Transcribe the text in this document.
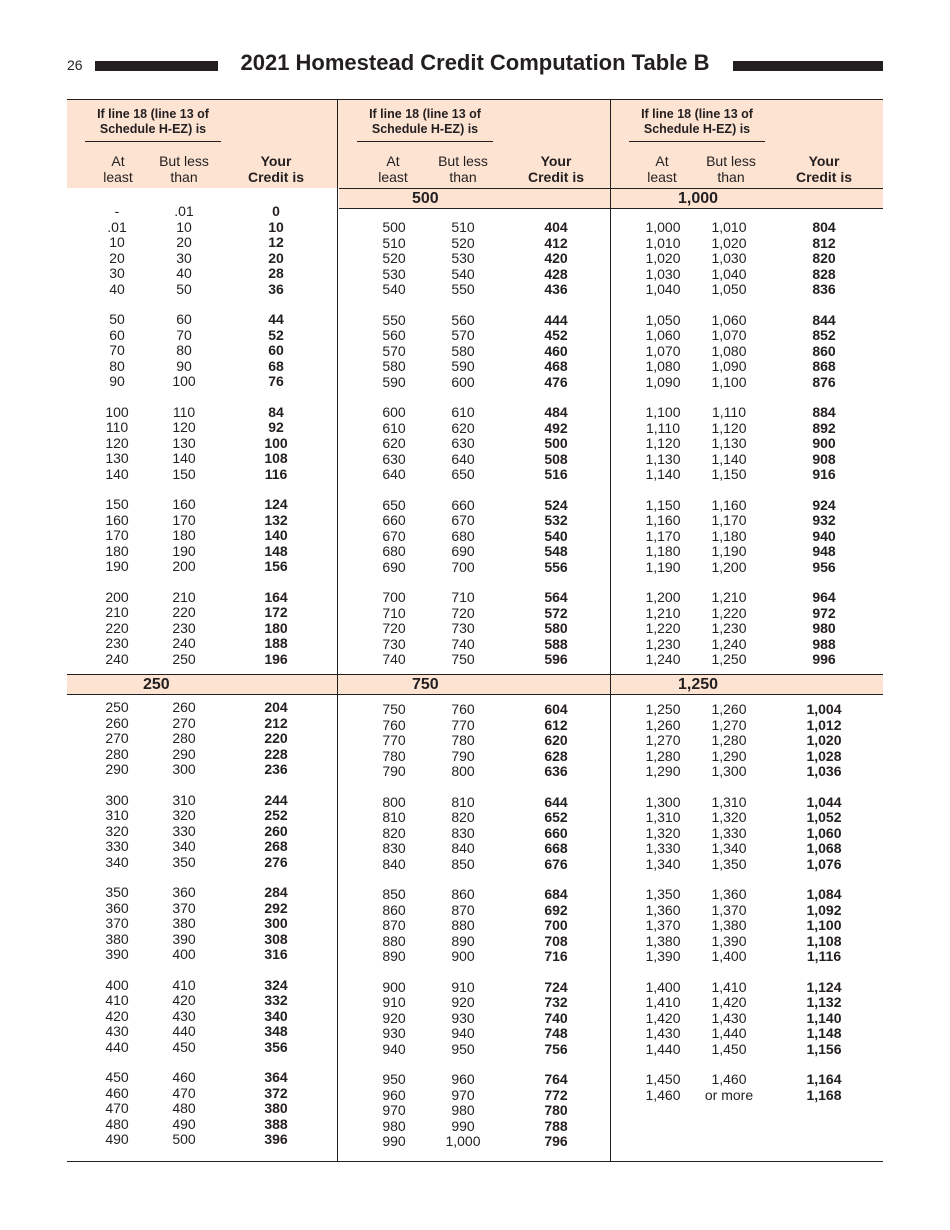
26	2021 Homestead Credit Computation Table B
If line 18 (line 13 of Schedule H-EZ) is
At
least
But less
than
Your
Credit is
250
-	.01	0
.01	10	10
10	20	12
20	30	20
30	40	28
40	50	36
50	60	44
60	70	52
70	80	60
80	90	68
90	100	76
100	110	84
110	120	92
120	130	100
130	140	108
140	150	116
150	160	124
160	170	132
170	180	140
180	190	148
190	200	156
200	210	164
210	220	172
220	230	180
230	240	188
240	250	196
250	260	204
260	270	212
270	280	220
280	290	228
290	300	236
300	310	244
310	320	252
320	330	260
330	340	268
340	350	276
350	360	284
360	370	292
370	380	300
380	390	308
390	400	316
400	410	324
410	420	332
420	430	340
430	440	348
440	450	356
450	460	364
460	470	372
470	480	380
480	490	388
490	500	396
If line 18 (line 13 of Schedule H-EZ) is
At
least
But less
than
Your
Credit is
500
750
500	510	404
510	520	412
520	530	420
530	540	428
540	550	436
550	560	444
560	570	452
570	580	460
580	590	468
590	600	476
600	610	484
610	620	492
620	630	500
630	640	508
640	650	516
650	660	524
660	670	532
670	680	540
680	690	548
690	700	556
700	710	564
710	720	572
720	730	580
730	740	588
740	750	596
750	760	604
760	770	612
770	780	620
780	790	628
790	800	636
800	810	644
810	820	652
820	830	660
830	840	668
840	850	676
850	860	684
860	870	692
870	880	700
880	890	708
890	900	716
900	910	724
910	920	732
920	930	740
930	940	748
940	950	756
950	960	764
960	970	772
970	980	780
980	990	788
990	1,000	796
If line 18 (line 13 of Schedule H-EZ) is
At
least
But less
than
Your
Credit is
1,000
1,250
1,000	1,010	804
1,010	1,020	812
1,020	1,030	820
1,030	1,040	828
1,040	1,050	836
1,050	1,060	844
1,060	1,070	852
1,070	1,080	860
1,080	1,090	868
1,090	1,100	876
1,100	1,110	884
1,110	1,120	892
1,120	1,130	900
1,130	1,140	908
1,140	1,150	916
1,150	1,160	924
1,160	1,170	932
1,170	1,180	940
1,180	1,190	948
1,190	1,200	956
1,200	1,210	964
1,210	1,220	972
1,220	1,230	980
1,230	1,240	988
1,240	1,250	996
1,250	1,260	1,004
1,260	1,270	1,012
1,270	1,280	1,020
1,280	1,290	1,028
1,290	1,300	1,036
1,300	1,310	1,044
1,310	1,320	1,052
1,320	1,330	1,060
1,330	1,340	1,068
1,340	1,350	1,076
1,350	1,360	1,084
1,360	1,370	1,092
1,370	1,380	1,100
1,380	1,390	1,108
1,390	1,400	1,116
1,400	1,410	1,124
1,410	1,420	1,132
1,420	1,430	1,140
1,430	1,440	1,148
1,440	1,450	1,156
1,450	1,460	1,164
1,460	or more	1,168
